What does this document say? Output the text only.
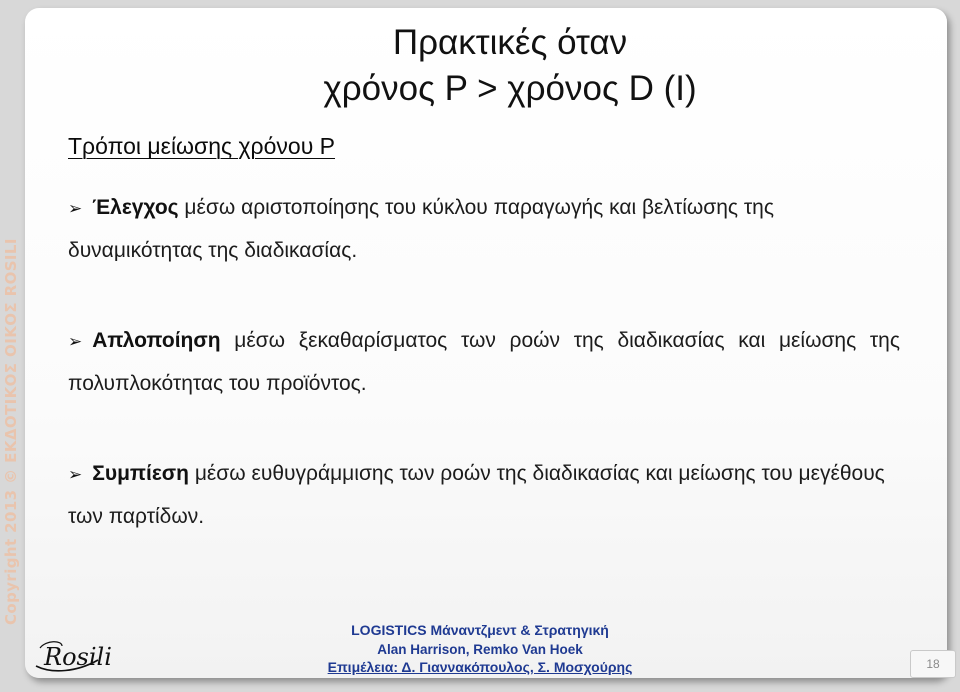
Copyright 2013 © ΕΚΔΟΤΙΚΟΣ ΟΙΚΟΣ ROSILI
Πρακτικές όταν
χρόνος P > χρόνος D (I)
Τρόποι μείωσης χρόνου P
➢ Έλεγχος μέσω αριστοποίησης του κύκλου παραγωγής και βελτίωσης της δυναμικότητας της διαδικασίας.
➢ Απλοποίηση μέσω ξεκαθαρίσματος των ροών της διαδικασίας και μείωσης της πολυπλοκότητας του προϊόντος.
➢ Συμπίεση μέσω ευθυγράμμισης των ροών της διαδικασίας και μείωσης του μεγέθους των παρτίδων.
Rosili
LOGISTICS Μάναντζμεντ & Στρατηγική
Alan Harrison, Remko Van Hoek
Επιμέλεια: Δ. Γιαννακόπουλος, Σ. Μοσχούρης	18
